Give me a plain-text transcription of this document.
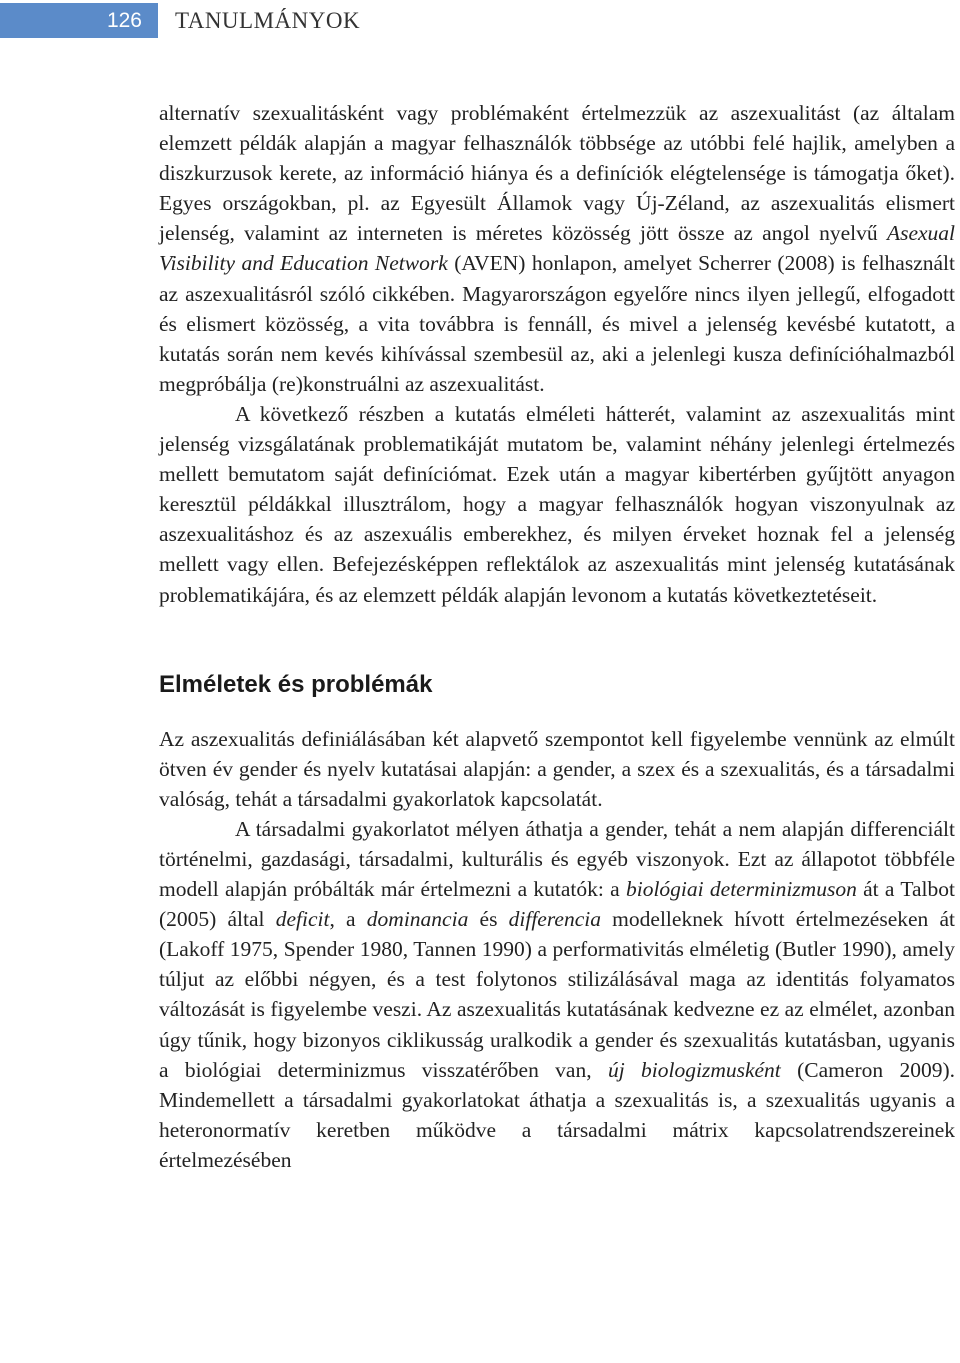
126	TANULMÁNYOK

alternatív szexualitásként vagy problémaként értelmezzük az aszexualitást (az általam elemzett példák alapján a magyar felhasználók többsége az utóbbi felé hajlik, amelyben a diszkurzusok kerete, az információ hiánya és a definíciók elégtelensége is támogatja őket). Egyes országokban, pl. az Egyesült Államok vagy Új-Zéland, az aszexualitás elismert jelenség, valamint az interneten is méretes közösség jött össze az angol nyelvű Asexual Visibility and Education Network (AVEN) honlapon, amelyet Scherrer (2008) is felhasznált az aszexualitásról szóló cikkében. Magyarországon egyelőre nincs ilyen jellegű, elfogadott és elismert közösség, a vita továbbra is fennáll, és mivel a jelenség kevésbé kutatott, a kutatás során nem kevés kihívással szembesül az, aki a jelenlegi kusza definícióhalmazból megpróbálja (re)konstruálni az aszexualitást.

A következő részben a kutatás elméleti hátterét, valamint az aszexualitás mint jelenség vizsgálatának problematikáját mutatom be, valamint néhány jelenlegi értelmezés mellett bemutatom saját definíciómat. Ezek után a magyar kibertérben gyűjtött anyagon keresztül példákkal illusztrálom, hogy a magyar felhasználók hogyan viszonyulnak az aszexualitáshoz és az aszexuális emberekhez, és milyen érveket hoznak fel a jelenség mellett vagy ellen. Befejezésképpen reflektálok az aszexualitás mint jelenség kutatásának problematikájára, és az elemzett példák alapján levonom a kutatás következtetéseit.

Elméletek és problémák

Az aszexualitás definiálásában két alapvető szempontot kell figyelembe vennünk az elmúlt ötven év gender és nyelv kutatásai alapján: a gender, a szex és a szexualitás, és a társadalmi valóság, tehát a társadalmi gyakorlatok kapcsolatát.

A társadalmi gyakorlatot mélyen áthatja a gender, tehát a nem alapján differenciált történelmi, gazdasági, társadalmi, kulturális és egyéb viszonyok. Ezt az állapotot többféle modell alapján próbálták már értelmezni a kutatók: a biológiai determinizmuson át a Talbot (2005) által deficit, a dominancia és differencia modelleknek hívott értelmezéseken át (Lakoff 1975, Spender 1980, Tannen 1990) a performativitás elméletig (Butler 1990), amely túljut az előbbi négyen, és a test folytonos stilizálásával maga az identitás folyamatos változását is figyelembe veszi. Az aszexualitás kutatásának kedvezne ez az elmélet, azonban úgy tűnik, hogy bizonyos ciklikusság uralkodik a gender és szexualitás kutatásban, ugyanis a biológiai determinizmus visszatérőben van, új biologizmusként (Cameron 2009). Mindemellett a társadalmi gyakorlatokat áthatja a szexualitás is, a szexualitás ugyanis a heteronormatív keretben működve a társadalmi mátrix kapcsolatrendszereinek értelmezésében
